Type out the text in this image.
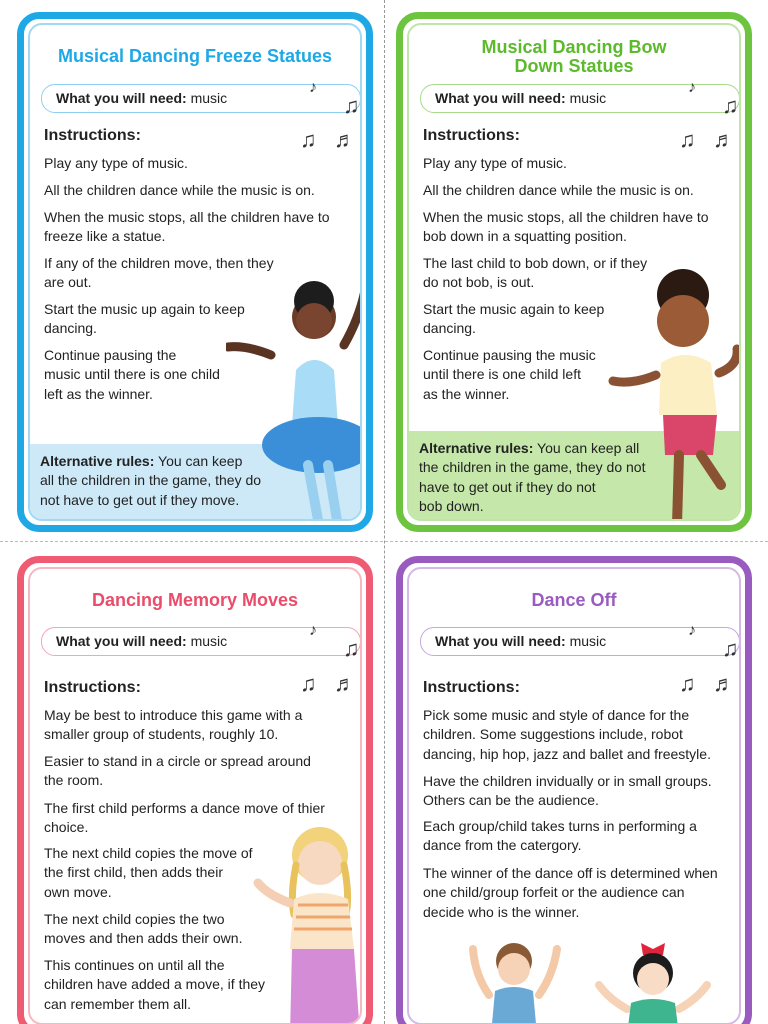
Musical Dancing Freeze Statues
What you will need: music
♪
♫
Instructions:	♫ ♬
Play any type of music.
All the children dance while the music is on.
When the music stops, all the children have to
freeze like a statue.
If any of the children move, then they
are out.
Start the music up again to keep
dancing.
Continue pausing the
music until there is one child
left as the winner.
Alternative rules: You can keep
all the children in the game, they do
not have to get out if they move.
Musical Dancing Bow
Down Statues
What you will need: music
♪
♫
Instructions:	♫ ♬
Play any type of music.
All the children dance while the music is on.
When the music stops, all the children have to
bob down in a squatting position.
The last child to bob down, or if they
do not bob, is out.
Start the music again to keep
dancing.
Continue pausing the music
until there is one child left
as the winner.
Alternative rules: You can keep all
the children in the game, they do not
have to get out if they do not
bob down.
Dancing Memory Moves
What you will need: music
♪
♫
Instructions:	♫ ♬
May be best to introduce this game with a
smaller group of students, roughly 10.
Easier to stand in a circle or spread around
the room.
The first child performs a dance move of thier
choice.
The next child copies the move of
the first child, then adds their
own move.
The next child copies the two
moves and then adds their own.
This continues on until all the
children have added a move, if they
can remember them all.
Dance Off
What you will need: music
♪
♫
Instructions:	♫ ♬
Pick some music and style of dance for the
children. Some suggestions include, robot
dancing, hip hop, jazz and ballet and freestyle.
Have the children invidually or in small groups.
Others can be the audience.
Each group/child takes turns in performing a
dance from the catergory.
The winner of the dance off is determined when
one child/group forfeit or the audience can
decide who is the winner.
